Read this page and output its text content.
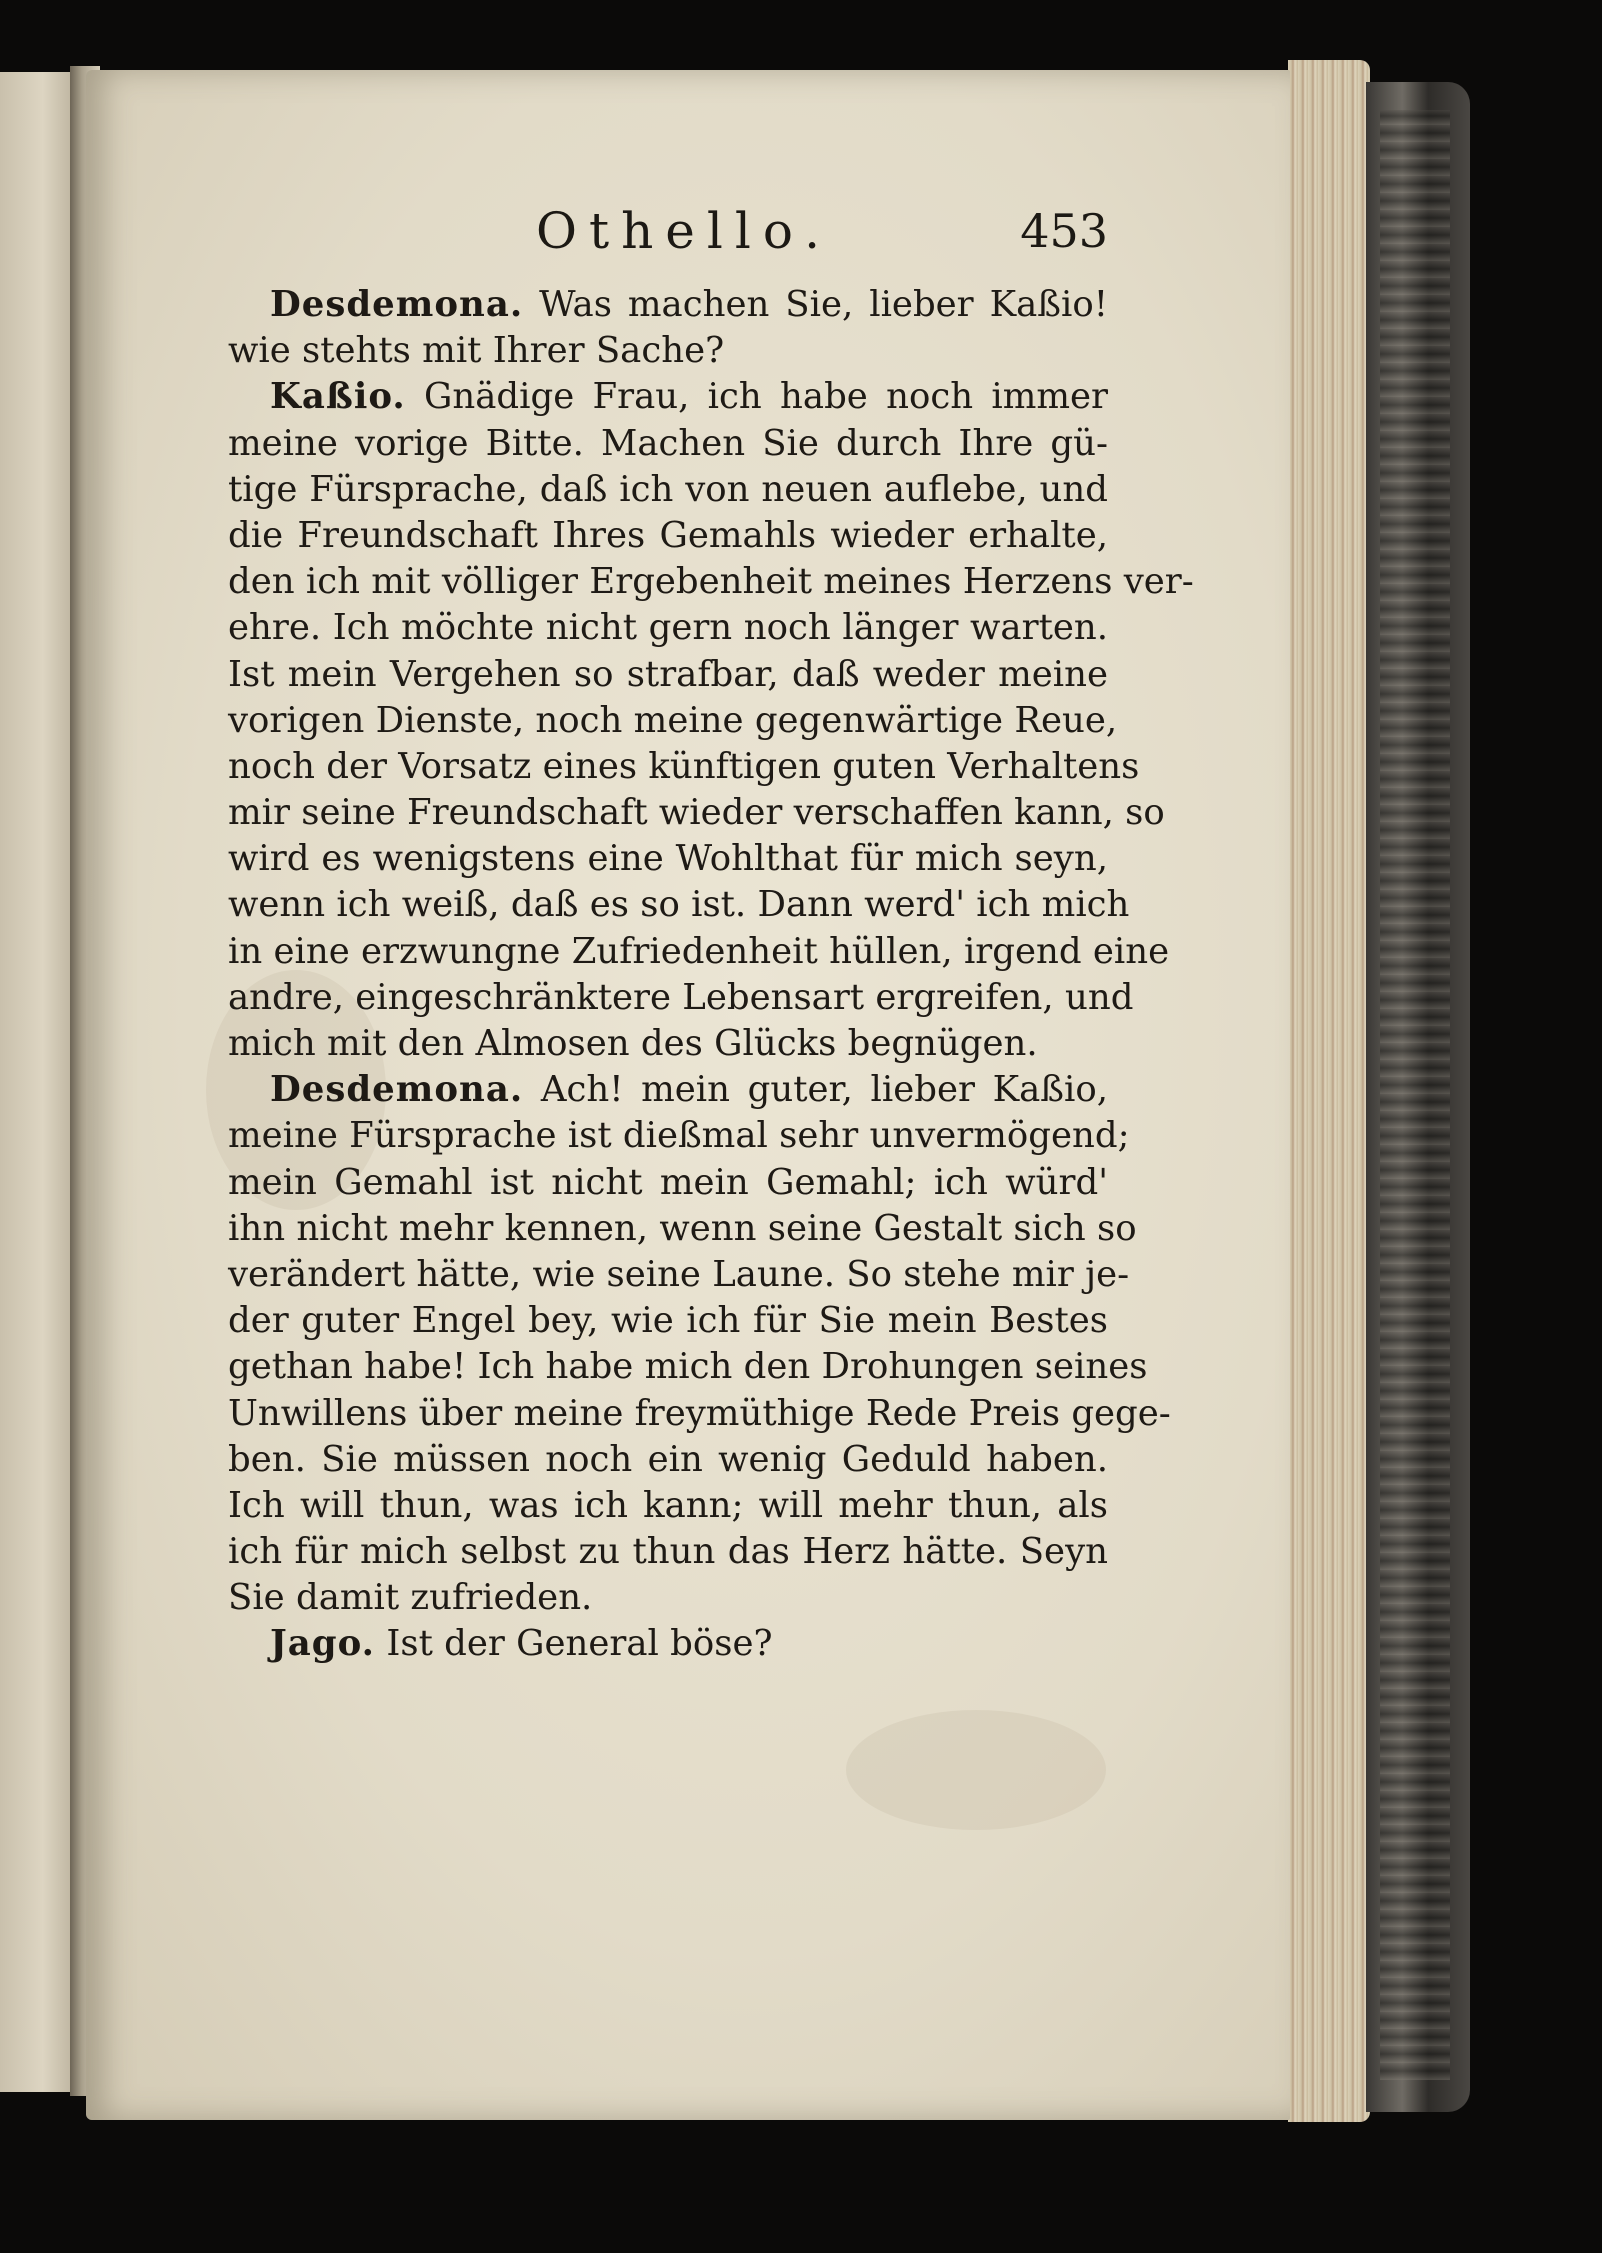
Othello.	453
Desdemona. Was machen Sie, lieber Kaßio!
wie stehts mit Ihrer Sache?
Kaßio. Gnädige Frau, ich habe noch immer
meine vorige Bitte. Machen Sie durch Ihre gü-
tige Fürsprache, daß ich von neuen auflebe, und
die Freundschaft Ihres Gemahls wieder erhalte,
den ich mit völliger Ergebenheit meines Herzens ver-
ehre. Ich möchte nicht gern noch länger warten.
Ist mein Vergehen so strafbar, daß weder meine
vorigen Dienste, noch meine gegenwärtige Reue,
noch der Vorsatz eines künftigen guten Verhaltens
mir seine Freundschaft wieder verschaffen kann, so
wird es wenigstens eine Wohlthat für mich seyn,
wenn ich weiß, daß es so ist. Dann werd' ich mich
in eine erzwungne Zufriedenheit hüllen, irgend eine
andre, eingeschränktere Lebensart ergreifen, und
mich mit den Almosen des Glücks begnügen.
Desdemona. Ach! mein guter, lieber Kaßio,
meine Fürsprache ist dießmal sehr unvermögend;
mein Gemahl ist nicht mein Gemahl; ich würd'
ihn nicht mehr kennen, wenn seine Gestalt sich so
verändert hätte, wie seine Laune. So stehe mir je-
der guter Engel bey, wie ich für Sie mein Bestes
gethan habe! Ich habe mich den Drohungen seines
Unwillens über meine freymüthige Rede Preis gege-
ben. Sie müssen noch ein wenig Geduld haben.
Ich will thun, was ich kann; will mehr thun, als
ich für mich selbst zu thun das Herz hätte. Seyn
Sie damit zufrieden.
Jago. Ist der General böse?
